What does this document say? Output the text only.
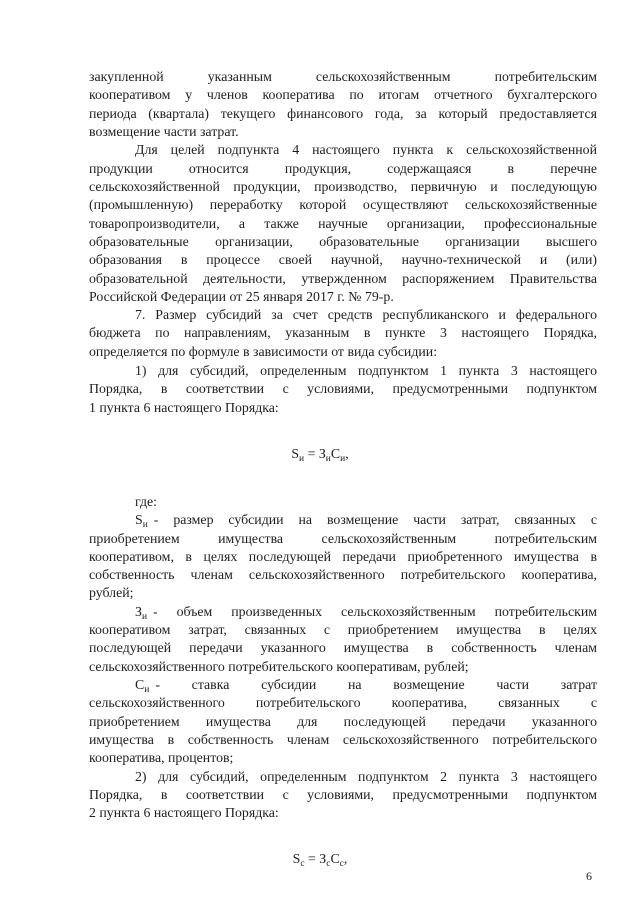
закупленной указанным сельскохозяйственным потребительским
кооперативом у членов кооператива по итогам отчетного бухгалтерского
периода (квартала) текущего финансового года, за который предоставляется
возмещение части затрат.
Для целей подпункта 4 настоящего пункта к сельскохозяйственной
продукции относится продукция, содержащаяся в перечне
сельскохозяйственной продукции, производство, первичную и последующую
(промышленную) переработку которой осуществляют сельскохозяйственные
товаропроизводители, а также научные организации, профессиональные
образовательные организации, образовательные организации высшего
образования в процессе своей научной, научно-технической и (или)
образовательной деятельности, утвержденном распоряжением Правительства
Российской Федерации от 25 января 2017 г. № 79-р.
7. Размер субсидий за счет средств республиканского и федерального
бюджета по направлениям, указанным в пункте 3 настоящего Порядка,
определяется по формуле в зависимости от вида субсидии:
1) для субсидий, определенным подпунктом 1 пункта 3 настоящего
Порядка, в соответствии с условиями, предусмотренными подпунктом
1 пункта 6 настоящего Порядка:
$S_и = З_иС_и$,
где:
$S_и$ - размер субсидии на возмещение части затрат, связанных с
приобретением имущества сельскохозяйственным потребительским
кооперативом, в целях последующей передачи приобретенного имущества в
собственность членам сельскохозяйственного потребительского кооператива,
рублей;
$З_и$ - объем произведенных сельскохозяйственным потребительским
кооперативом затрат, связанных с приобретением имущества в целях
последующей передачи указанного имущества в собственность членам
сельскохозяйственного потребительского кооперативам, рублей;
$С_и$ - ставка субсидии на возмещение части затрат
сельскохозяйственного потребительского кооператива, связанных с
приобретением имущества для последующей передачи указанного
имущества в собственность членам сельскохозяйственного потребительского
кооператива, процентов;
2) для субсидий, определенным подпунктом 2 пункта 3 настоящего
Порядка, в соответствии с условиями, предусмотренными подпунктом
2 пункта 6 настоящего Порядка:
$S_с = З_сС_с$,
6
